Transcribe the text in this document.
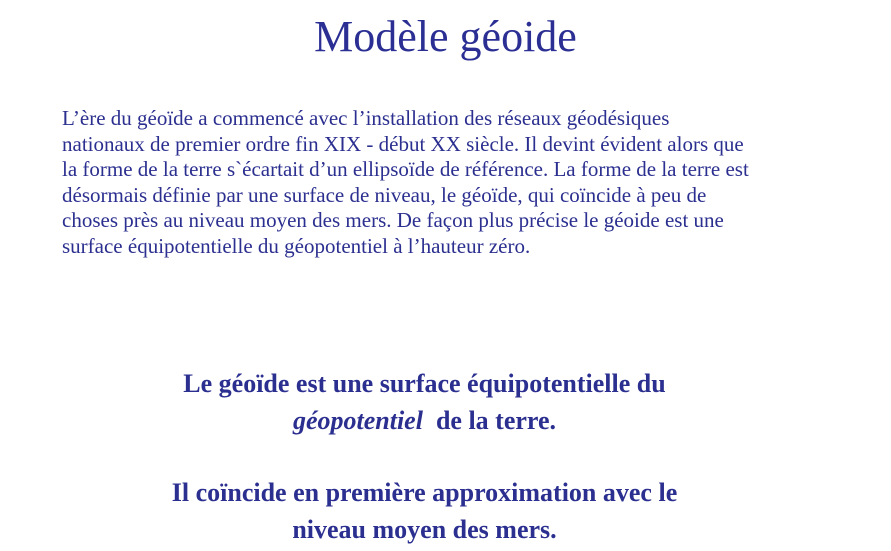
Modèle géoide

L’ère du géoïde a commencé avec l’installation des réseaux géodésiques

nationaux de premier ordre fin XIX - début XX siècle. Il devint évident alors que

la forme de la terre s`écartait d’un ellipsoïde de référence. La forme de la terre est

désormais définie par une surface de niveau, le géoïde, qui coïncide à peu de

choses près au niveau moyen des mers. De façon plus précise le géoide est une

surface équipotentielle du géopotentiel à l’hauteur zéro.

Le géoïde est une surface équipotentielle du
géopotentiel de la terre.
Il coïncide en première approximation avec le
niveau moyen des mers.
